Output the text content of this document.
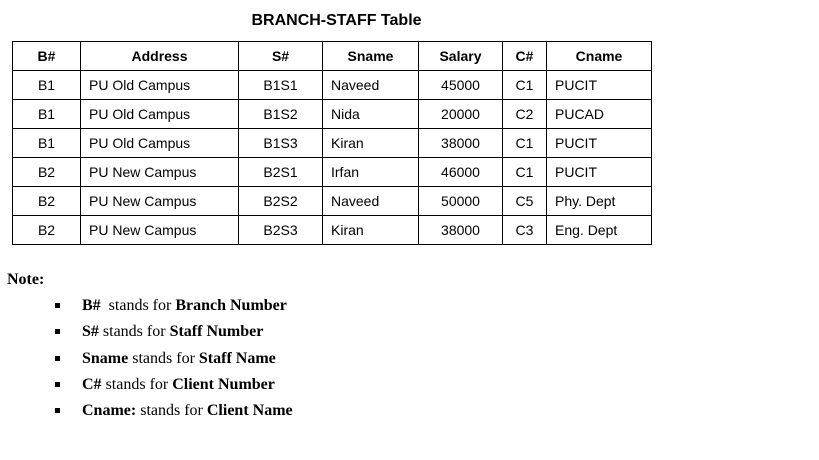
BRANCH-STAFF Table
B#	Address	S#	Sname	Salary	C#	Cname
B1	PU Old Campus	B1S1	Naveed	45000	C1	PUCIT
B1	PU Old Campus	B1S2	Nida	20000	C2	PUCAD
B1	PU Old Campus	B1S3	Kiran	38000	C1	PUCIT
B2	PU New Campus	B2S1	Irfan	46000	C1	PUCIT
B2	PU New Campus	B2S2	Naveed	50000	C5	Phy. Dept
B2	PU New Campus	B2S3	Kiran	38000	C3	Eng. Dept
Note:
B#  stands for Branch Number
S# stands for Staff Number
Sname stands for Staff Name
C# stands for Client Number
Cname: stands for Client Name
